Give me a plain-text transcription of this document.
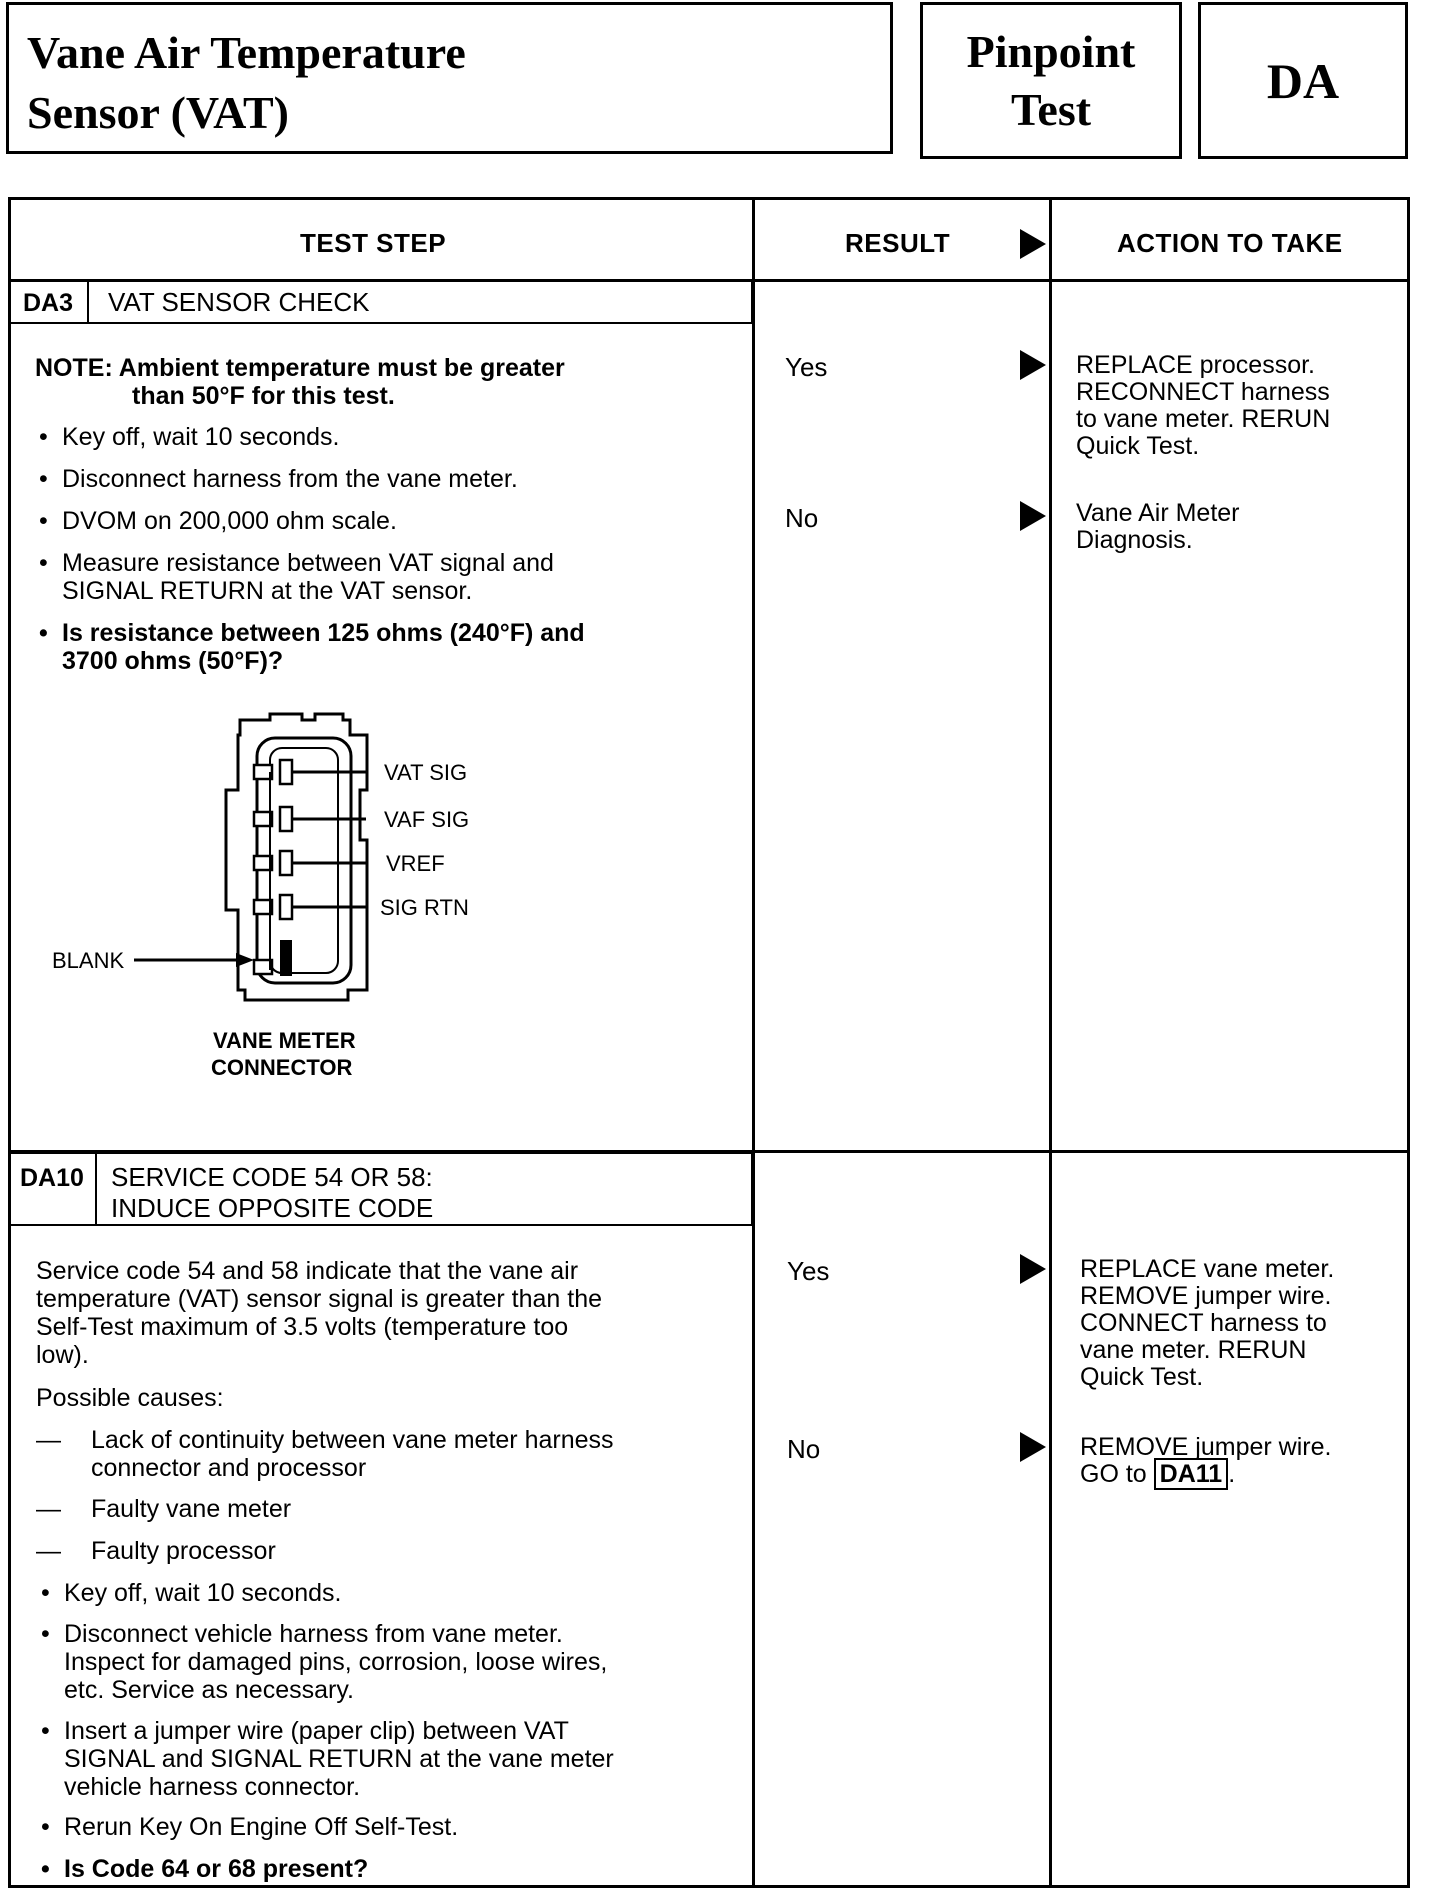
Vane Air Temperature
Sensor (VAT)
Pinpoint
Test
DA
TEST STEP	RESULT	ACTION TO TAKE
DA3 VAT SENSOR CHECK
NOTE: Ambient temperature must be greater
than 50°F for this test.
• Key off, wait 10 seconds.
• Disconnect harness from the vane meter.
• DVOM on 200,000 ohm scale.
• Measure resistance between VAT signal and
SIGNAL RETURN at the VAT sensor.
• Is resistance between 125 ohms (240°F) and
3700 ohms (50°F)?
VAT SIG
VAF SIG
VREF
SIG RTN
BLANK
VANE METER
CONNECTOR
Yes	REPLACE processor.
RECONNECT harness
to vane meter. RERUN
Quick Test.
No	Vane Air Meter
Diagnosis.
DA10 SERVICE CODE 54 OR 58:
INDUCE OPPOSITE CODE
Service code 54 and 58 indicate that the vane air
temperature (VAT) sensor signal is greater than the
Self-Test maximum of 3.5 volts (temperature too
low).
Possible causes:
— Lack of continuity between vane meter harness
connector and processor
— Faulty vane meter
— Faulty processor
• Key off, wait 10 seconds.
• Disconnect vehicle harness from vane meter.
Inspect for damaged pins, corrosion, loose wires,
etc. Service as necessary.
• Insert a jumper wire (paper clip) between VAT
SIGNAL and SIGNAL RETURN at the vane meter
vehicle harness connector.
• Rerun Key On Engine Off Self-Test.
• Is Code 64 or 68 present?
Yes	REPLACE vane meter.
REMOVE jumper wire.
CONNECT harness to
vane meter. RERUN
Quick Test.
No	REMOVE jumper wire.
GO to DA11 .
